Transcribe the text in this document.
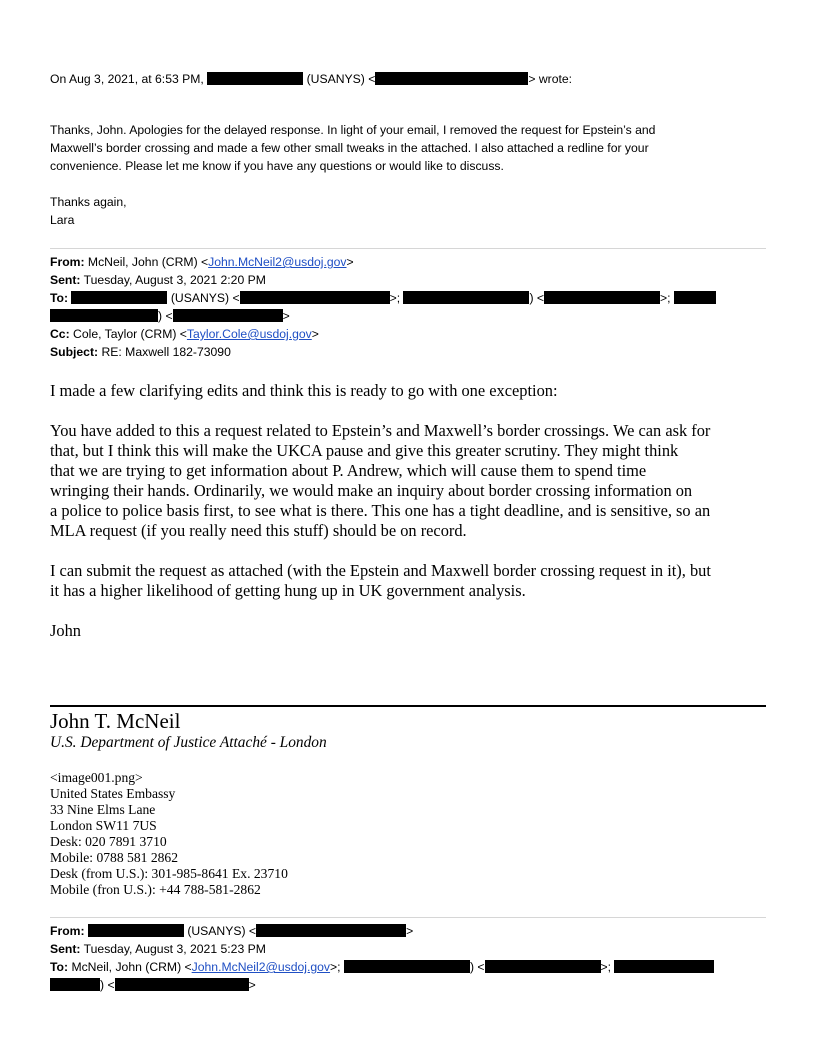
On Aug 3, 2021, at 6:53 PM,	(USANYS) <	> wrote:
Thanks, John. Apologies for the delayed response. In light of your email, I removed the request for Epstein’s and
Maxwell’s border crossing and made a few other small tweaks in the attached. I also attached a redline for your
convenience. Please let me know if you have any questions or would like to discuss.
Thanks again,
Lara
From: McNeil, John (CRM) <John.McNeil2@usdoj.gov>
Sent: Tuesday, August 3, 2021 2:20 PM
To:	(USANYS) <	>;	) <	>;
) <	>
Cc: Cole, Taylor (CRM) <Taylor.Cole@usdoj.gov>
Subject: RE: Maxwell 182-73090
I made a few clarifying edits and think this is ready to go with one exception:
You have added to this a request related to Epstein’s and Maxwell’s border crossings. We can ask for
that, but I think this will make the UKCA pause and give this greater scrutiny. They might think
that we are trying to get information about P. Andrew, which will cause them to spend time
wringing their hands. Ordinarily, we would make an inquiry about border crossing information on
a police to police basis first, to see what is there. This one has a tight deadline, and is sensitive, so an
MLA request (if you really need this stuff) should be on record.
I can submit the request as attached (with the Epstein and Maxwell border crossing request in it), but
it has a higher likelihood of getting hung up in UK government analysis.
John
John T. McNeil
U.S. Department of Justice Attaché - London
<image001.png>
United States Embassy
33 Nine Elms Lane
London SW11 7US
Desk: 020 7891 3710
Mobile: 0788 581 2862
Desk (from U.S.): 301-985-8641 Ex. 23710
Mobile (fron U.S.): +44 788-581-2862
From:	(USANYS) <	>
Sent: Tuesday, August 3, 2021 5:23 PM
To: McNeil, John (CRM) <John.McNeil2@usdoj.gov>;	) <	>;
) <	>
